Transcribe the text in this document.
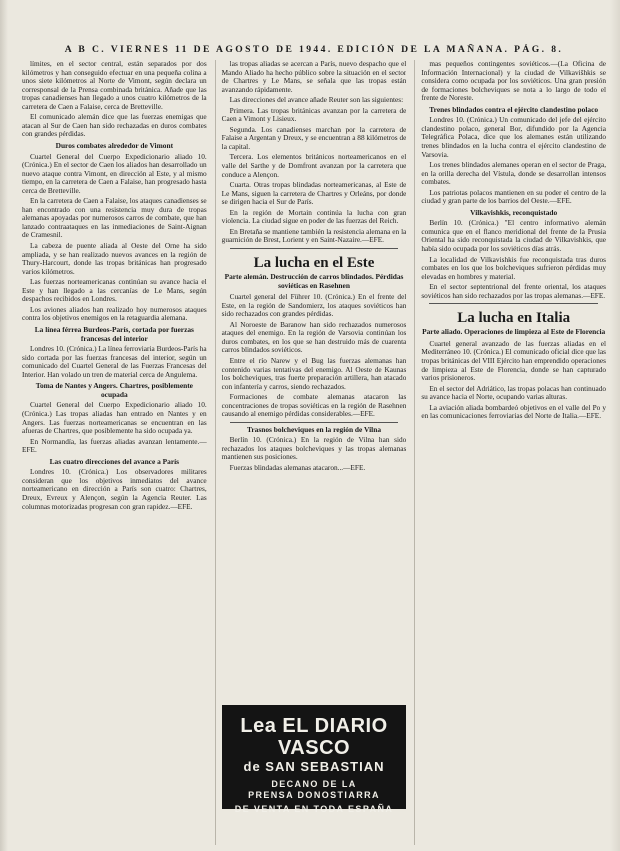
A B C. VIERNES 11 DE AGOSTO DE 1944. EDICIÓN DE LA MAÑANA. PÁG. 8.

límites, en el sector central, están separados por dos kilómetros y han conseguido efectuar en una pequeña colina a unos siete kilómetros al Norte de Vimont, según declara un corresponsal de la Prensa combinada británica. Añade que las tropas canadienses han llegado a unos cuatro kilómetros de la carretera de Caen a Falaise, cerca de Bretteville.

El comunicado alemán dice que las fuerzas enemigas que atacan al Sur de Caen han sido rechazadas en duros combates con grandes pérdidas.

Duros combates alrededor de Vimont

Cuartel General del Cuerpo Expedicionario aliado 10. (Crónica.) En el sector de Caen los aliados han desarrollado un nuevo ataque contra Vimont, en dirección al Este, y al mismo tiempo, en la carretera de Caen a Falaise, han progresado hasta cerca de Bretteville.

En la carretera de Caen a Falaise, los ataques canadienses se han encontrado con una resistencia muy dura de tropas alemanas apoyadas por numerosos carros de combate, que han lanzado contraataques en las inmediaciones de Saint-Aignan de Cramesnil.

La cabeza de puente aliada al Oeste del Orne ha sido ampliada, y se han realizado nuevos avances en la región de Thury-Harcourt, donde las tropas británicas han progresado varios kilómetros.

Las fuerzas norteamericanas continúan su avance hacia el Este y han llegado a las cercanías de Le Mans, según despachos recibidos en Londres.

Los aviones aliados han realizado hoy numerosos ataques contra los objetivos enemigos en la retaguardia alemana.

La línea férrea Burdeos-París, cortada por fuerzas francesas del interior

Londres 10. (Crónica.) La línea ferroviaria Burdeos-París ha sido cortada por las fuerzas francesas del interior, según un comunicado del Cuartel General de las Fuerzas Francesas del Interior. Han volado un tren de material cerca de Angulema.

Toma de Nantes y Angers. Chartres, posiblemente ocupada

Cuartel General del Cuerpo Expedicionario aliado 10. (Crónica.) Las tropas aliadas han entrado en Nantes y en Angers. Las fuerzas norteamericanas se encuentran en las afueras de Chartres, que posiblemente ha sido ocupada ya.

En Normandía, las fuerzas aliadas avanzan lentamente.—EFE.

Las cuatro direcciones del avance a París

Londres 10. (Crónica.) Los observadores militares consideran que los objetivos inmediatos del avance norteamericano en dirección a París son cuatro: Chartres, Dreux, Evreux y Alençon, según la Agencia Reuter. Las columnas motorizadas progresan con gran rapidez.—EFE.

las tropas aliadas se acercan a París, nuevo despacho que el Mando Aliado ha hecho público sobre la situación en el sector de Chartres y Le Mans, se señala que las tropas están avanzando rápidamente.

Las direcciones del avance añade Reuter son las siguientes:

Primera. Las tropas británicas avanzan por la carretera de Caen a Vimont y Lisieux.

Segunda. Los canadienses marchan por la carretera de Falaise a Argentan y Dreux, y se encuentran a 88 kilómetros de la capital.

Tercera. Los elementos británicos norteamericanos en el valle del Sarthe y de Domfront avanzan por la carretera que conduce a Alençon.

Cuarta. Otras tropas blindadas norteamericanas, al Este de Le Mans, siguen la carretera de Chartres y Orleáns, por donde se dirigen hacia el Sur de París.

En la región de Mortain continúa la lucha con gran violencia. La ciudad sigue en poder de las fuerzas del Reich.

En Bretaña se mantiene también la resistencia alemana en la guarnición de Brest, Lorient y en Saint-Nazaire.—EFE.

La lucha en el Este
Parte alemán. Destrucción de carros blindados. Pérdidas soviéticas en Rasehnen

Cuartel general del Führer 10. (Crónica.) En el frente del Este, en la región de Sandomierz, los ataques soviéticos han sido rechazados con grandes pérdidas.

Al Noroeste de Baranow han sido rechazados numerosos ataques del enemigo. En la región de Varsovia continúan los duros combates, en los que se han destruido más de cuarenta carros blindados soviéticos.

Entre el río Narew y el Bug las fuerzas alemanas han contenido varias tentativas del enemigo. Al Oeste de Kaunas los bolcheviques, tras fuerte preparación artillera, han atacado con infantería y carros, siendo rechazados.

Formaciones de combate alemanas atacaron las concentraciones de tropas soviéticas en la región de Rasehnen causando al enemigo pérdidas considerables.—EFE.

Trasnos bolcheviques en la región de Vilna

Berlín 10. (Crónica.) En la región de Vilna han sido rechazados los ataques bolcheviques y las tropas alemanas mantienen sus posiciones.

Fuerzas blindadas alemanas atacaron...—EFE.

Lea EL DIARIO VASCO
de SAN SEBASTIAN
DECANO DE LA
PRENSA DONOSTIARRA
DE VENTA EN TODA ESPAÑA

mas pequeños contingentes soviéticos.—(La Oficina de Información Internacional) y la ciudad de Vilkavišhkis se considera como ocupada por los soviéticos. Una gran presión de formaciones bolcheviques se nota a lo largo de todo el frente de Noreste.

Trenes blindados contra el ejército clandestino polaco

Londres 10. (Crónica.) Un comunicado del jefe del ejército clandestino polaco, general Bor, difundido por la Agencia Telegráfica Polaca, dice que los alemanes están utilizando trenes blindados en la lucha contra el ejército clandestino de Varsovia.

Los trenes blindados alemanes operan en el sector de Praga, en la orilla derecha del Vístula, donde se desarrollan intensos combates.

Los patriotas polacos mantienen en su poder el centro de la ciudad y gran parte de los barrios del Oeste.—EFE.

Vilkavishkis, reconquistado

Berlín 10. (Crónica.) "El centro informativo alemán comunica que en el flanco meridional del frente de la Prusia Oriental ha sido reconquistada la ciudad de Vilkavishkis, que había sido ocupada por los soviéticos días atrás.

La localidad de Vilkavishkis fue reconquistada tras duros combates en los que los bolcheviques sufrieron pérdidas muy elevadas en hombres y material.

En el sector septentrional del frente oriental, los ataques soviéticos han sido rechazados por las tropas alemanas.—EFE.

La lucha en Italia
Parte aliado. Operaciones de limpieza al Este de Florencia

Cuartel general avanzado de las fuerzas aliadas en el Mediterráneo 10. (Crónica.) El comunicado oficial dice que las tropas británicas del VIII Ejército han emprendido operaciones de limpieza al Este de Florencia, donde se han capturado varios prisioneros.

En el sector del Adriático, las tropas polacas han continuado su avance hacia el Norte, ocupando varias alturas.

La aviación aliada bombardeó objetivos en el valle del Po y en las comunicaciones ferroviarias del Norte de Italia.—EFE.
